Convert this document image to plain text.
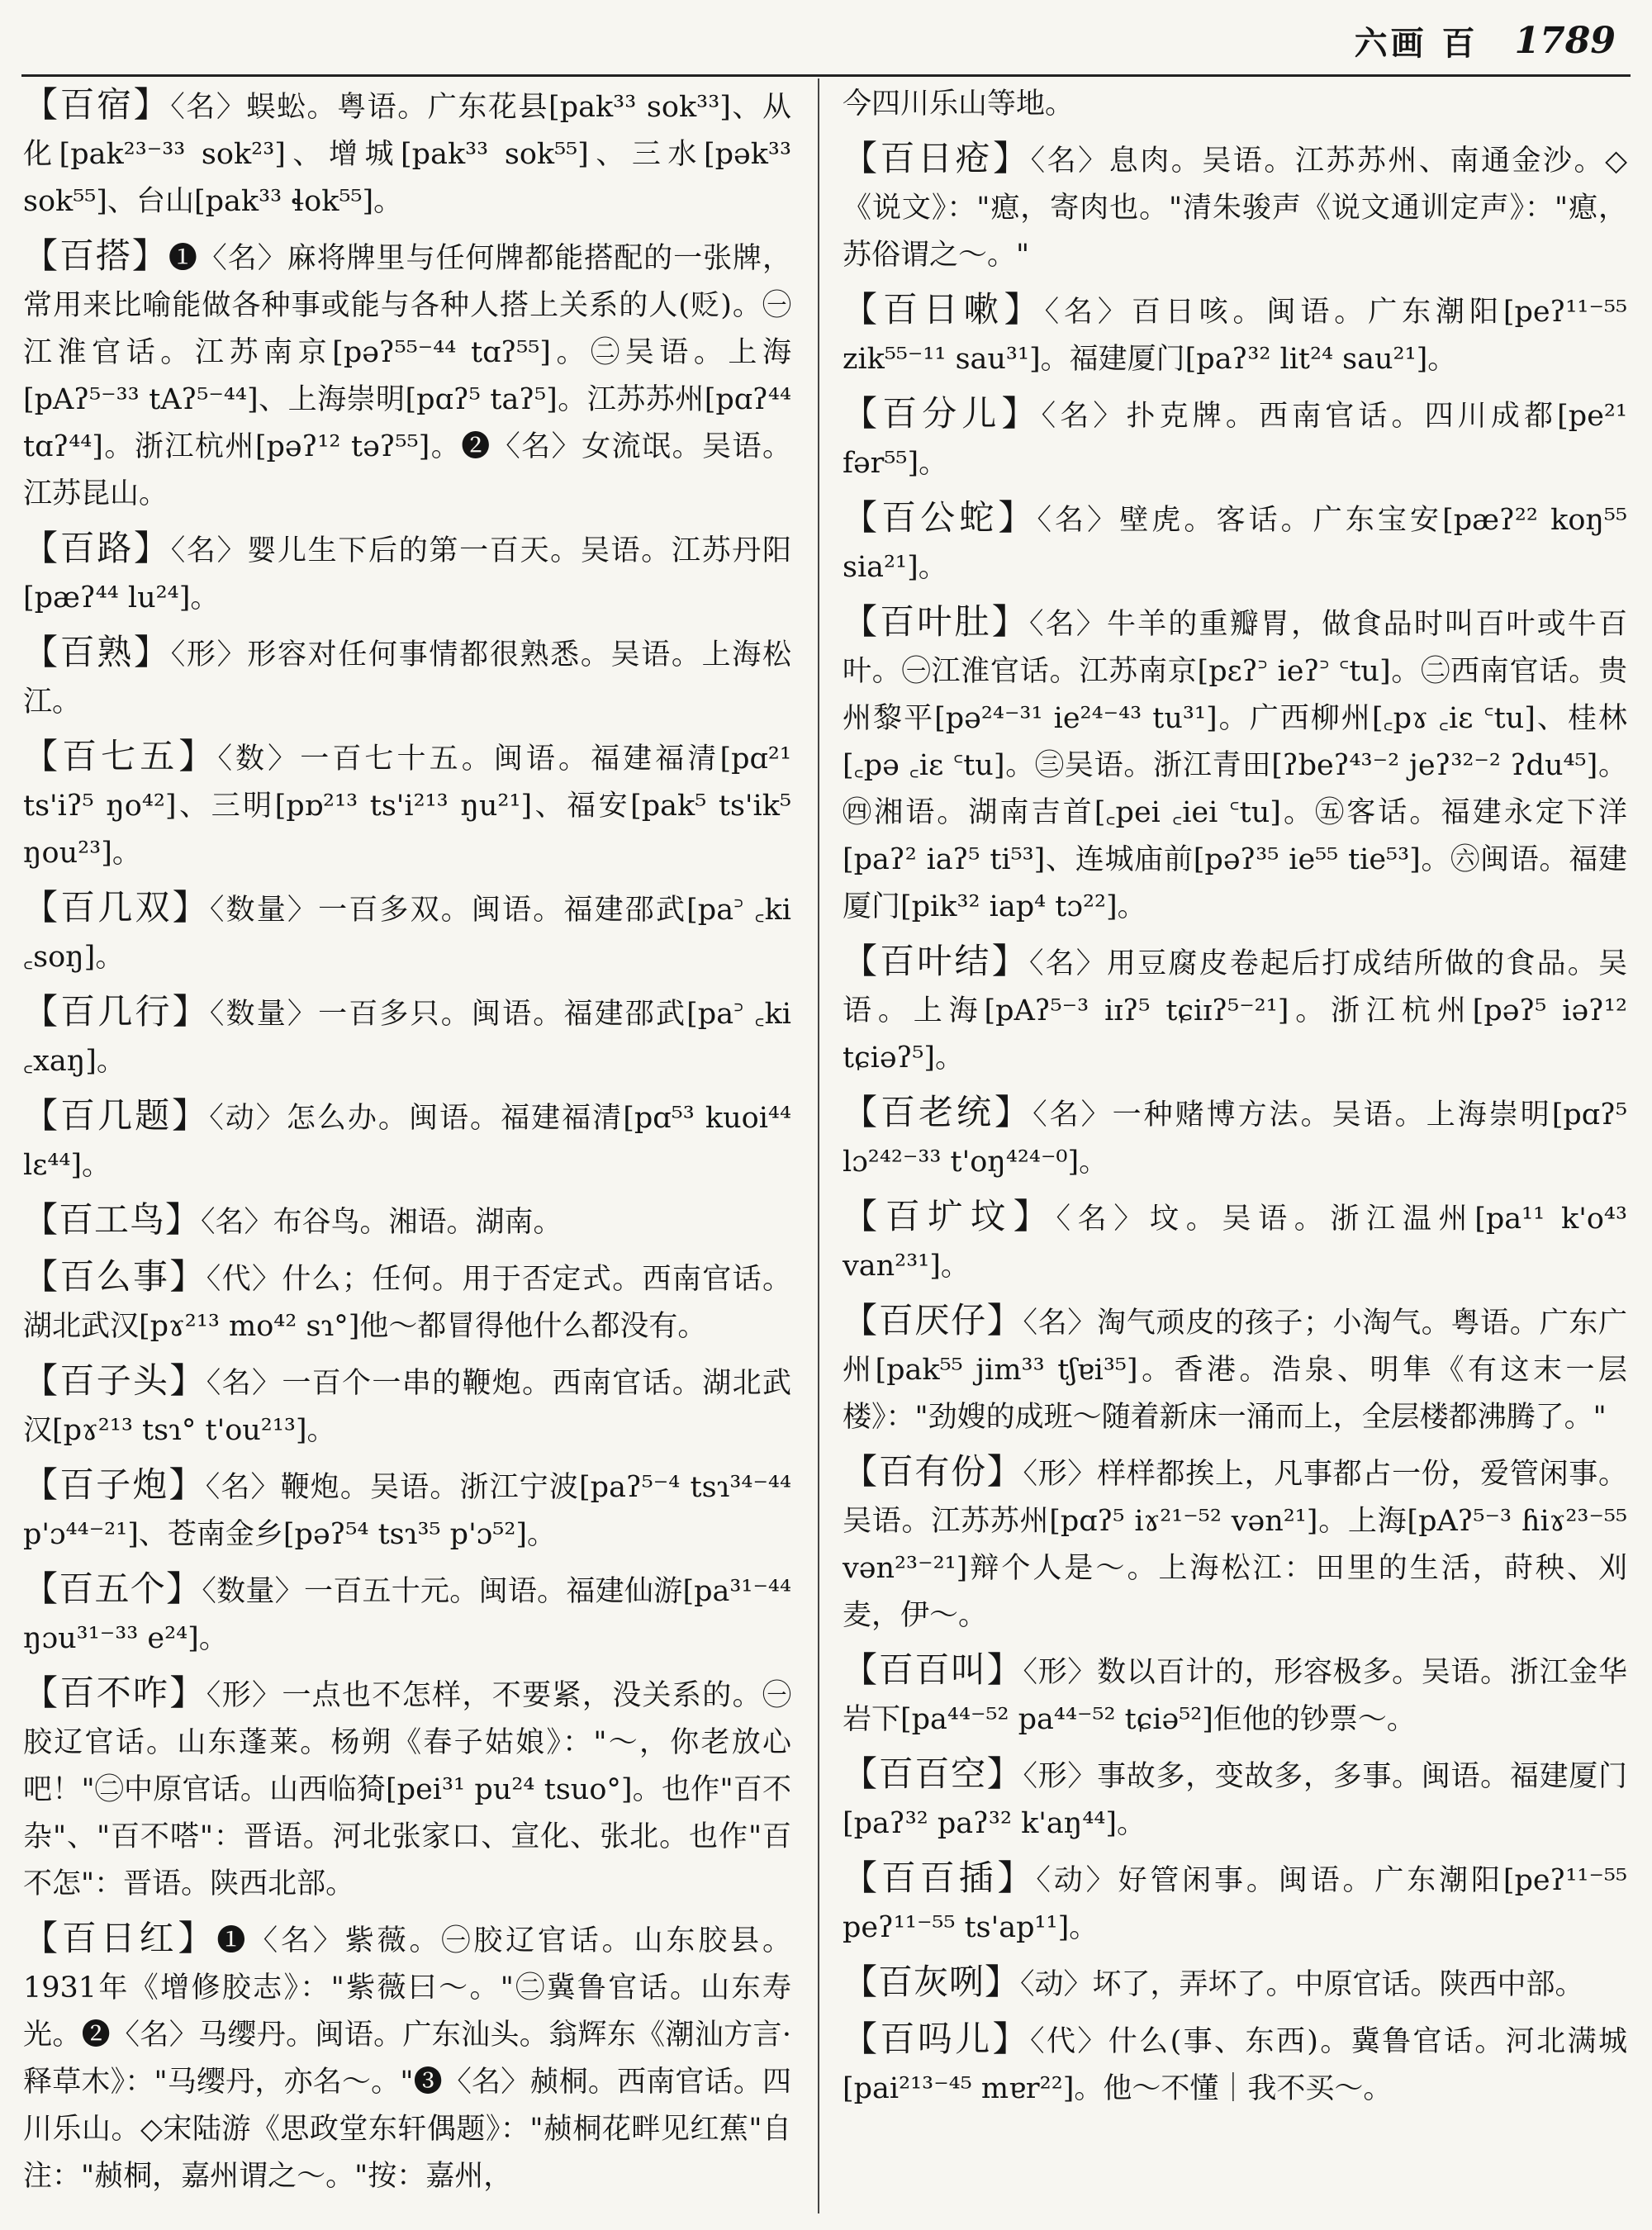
六画 百 1789

【百宿】〈名〉蜈蚣。粤语。广东花县[pak³³ sok³³]、从化[pak²³⁻³³ sok²³]、增城[pak³³ sok⁵⁵]、三水[pək³³ sok⁵⁵]、台山[pak³³ ɬok⁵⁵]。

【百搭】❶〈名〉麻将牌里与任何牌都能搭配的一张牌，常用来比喻能做各种事或能与各种人搭上关系的人(贬)。㊀江淮官话。江苏南京[pəʔ⁵⁵⁻⁴⁴ tɑʔ⁵⁵]。㊁吴语。上海[pAʔ⁵⁻³³ tAʔ⁵⁻⁴⁴]、上海崇明[pɑʔ⁵ taʔ⁵]。江苏苏州[pɑʔ⁴⁴ tɑʔ⁴⁴]。浙江杭州[pəʔ¹² təʔ⁵⁵]。❷〈名〉女流氓。吴语。江苏昆山。

【百路】〈名〉婴儿生下后的第一百天。吴语。江苏丹阳[pæʔ⁴⁴ lu²⁴]。

【百熟】〈形〉形容对任何事情都很熟悉。吴语。上海松江。

【百七五】〈数〉一百七十五。闽语。福建福清[pɑ²¹ ts'iʔ⁵ ŋo⁴²]、三明[pɒ²¹³ ts'i²¹³ ŋu²¹]、福安[pak⁵ ts'ik⁵ ŋou²³]。

【百几双】〈数量〉一百多双。闽语。福建邵武[pa꜄ ꜀ki ꜀soŋ]。

【百几行】〈数量〉一百多只。闽语。福建邵武[pa꜄ ꜀ki ꜀xaŋ]。

【百几题】〈动〉怎么办。闽语。福建福清[pɑ⁵³ kuoi⁴⁴ lɛ⁴⁴]。

【百工鸟】〈名〉布谷鸟。湘语。湖南。

【百么事】〈代〉什么；任何。用于否定式。西南官话。湖北武汉[pɤ²¹³ mo⁴² sɿ°]他～都冒得他什么都没有。

【百子头】〈名〉一百个一串的鞭炮。西南官话。湖北武汉[pɤ²¹³ tsɿ° t'ou²¹³]。

【百子炮】〈名〉鞭炮。吴语。浙江宁波[paʔ⁵⁻⁴ tsɿ³⁴⁻⁴⁴ p'ɔ⁴⁴⁻²¹]、苍南金乡[pəʔ⁵⁴ tsɿ³⁵ p'ɔ⁵²]。

【百五个】〈数量〉一百五十元。闽语。福建仙游[pa³¹⁻⁴⁴ ŋɔu³¹⁻³³ e²⁴]。

【百不咋】〈形〉一点也不怎样，不要紧，没关系的。㊀胶辽官话。山东蓬莱。杨朔《春子姑娘》："～，你老放心吧！"㊁中原官话。山西临猗[pei³¹ pu²⁴ tsuo°]。也作"百不杂"、"百不嗒"：晋语。河北张家口、宣化、张北。也作"百不怎"：晋语。陕西北部。

【百日红】❶〈名〉紫薇。㊀胶辽官话。山东胶县。1931年《增修胶志》："紫薇曰～。"㊁冀鲁官话。山东寿光。❷〈名〉马缨丹。闽语。广东汕头。翁辉东《潮汕方言·释草木》："马缨丹，亦名～。"❸〈名〉赪桐。西南官话。四川乐山。◇宋陆游《思政堂东轩偶题》："赪桐花畔见红蕉"自注："赪桐，嘉州谓之～。"按：嘉州，

今四川乐山等地。

【百日疮】〈名〉息肉。吴语。江苏苏州、南通金沙。◇《说文》："瘜，寄肉也。"清朱骏声《说文通训定声》："瘜，苏俗谓之～。"

【百日嗽】〈名〉百日咳。闽语。广东潮阳[peʔ¹¹⁻⁵⁵ zik⁵⁵⁻¹¹ sau³¹]。福建厦门[paʔ³² lit²⁴ sau²¹]。

【百分儿】〈名〉扑克牌。西南官话。四川成都[pe²¹ fər⁵⁵]。

【百公蛇】〈名〉壁虎。客话。广东宝安[pæʔ²² koŋ⁵⁵ sia²¹]。

【百叶肚】〈名〉牛羊的重瓣胃，做食品时叫百叶或牛百叶。㊀江淮官话。江苏南京[pɛʔ꜄ ieʔ꜄ ꜂tu]。㊁西南官话。贵州黎平[pə²⁴⁻³¹ ie²⁴⁻⁴³ tu³¹]。广西柳州[꜀pɤ ꜀iɛ ꜂tu]、桂林[꜀pə ꜀iɛ ꜂tu]。㊂吴语。浙江青田[ʔbeʔ⁴³⁻² jeʔ³²⁻² ʔdu⁴⁵]。㊃湘语。湖南吉首[꜀pei ꜀iei ꜂tu]。㊄客话。福建永定下洋[paʔ² iaʔ⁵ ti⁵³]、连城庙前[pəʔ³⁵ ie⁵⁵ tie⁵³]。㊅闽语。福建厦门[pik³² iap⁴ tɔ²²]。

【百叶结】〈名〉用豆腐皮卷起后打成结所做的食品。吴语。上海[pAʔ⁵⁻³ iɪʔ⁵ tɕiɪʔ⁵⁻²¹]。浙江杭州[pəʔ⁵ iəʔ¹² tɕiəʔ⁵]。

【百老统】〈名〉一种赌博方法。吴语。上海崇明[pɑʔ⁵ lɔ²⁴²⁻³³ t'oŋ⁴²⁴⁻⁰]。

【百圹坟】〈名〉坟。吴语。浙江温州[pa¹¹ k'o⁴³ van²³¹]。

【百厌仔】〈名〉淘气顽皮的孩子；小淘气。粤语。广东广州[pak⁵⁵ jim³³ tʃɐi³⁵]。香港。浩泉、明隼《有这末一层楼》："劲嫂的成班～随着新床一涌而上，全层楼都沸腾了。"

【百有份】〈形〉样样都挨上，凡事都占一份，爱管闲事。吴语。江苏苏州[pɑʔ⁵ iɤ²¹⁻⁵² vən²¹]。上海[pAʔ⁵⁻³ ɦiɤ²³⁻⁵⁵ vən²³⁻²¹]辩个人是～。上海松江：田里的生活，莳秧、刈麦，伊～。

【百百叫】〈形〉数以百计的，形容极多。吴语。浙江金华岩下[pa⁴⁴⁻⁵² pa⁴⁴⁻⁵² tɕiə⁵²]佢他的钞票～。

【百百空】〈形〉事故多，变故多，多事。闽语。福建厦门[paʔ³² paʔ³² k'aŋ⁴⁴]。

【百百插】〈动〉好管闲事。闽语。广东潮阳[peʔ¹¹⁻⁵⁵ peʔ¹¹⁻⁵⁵ ts'ap¹¹]。

【百灰咧】〈动〉坏了，弄坏了。中原官话。陕西中部。

【百吗儿】〈代〉什么(事、东西)。冀鲁官话。河北满城[pai²¹³⁻⁴⁵ mɐr²²]。他～不懂｜我不买～。
